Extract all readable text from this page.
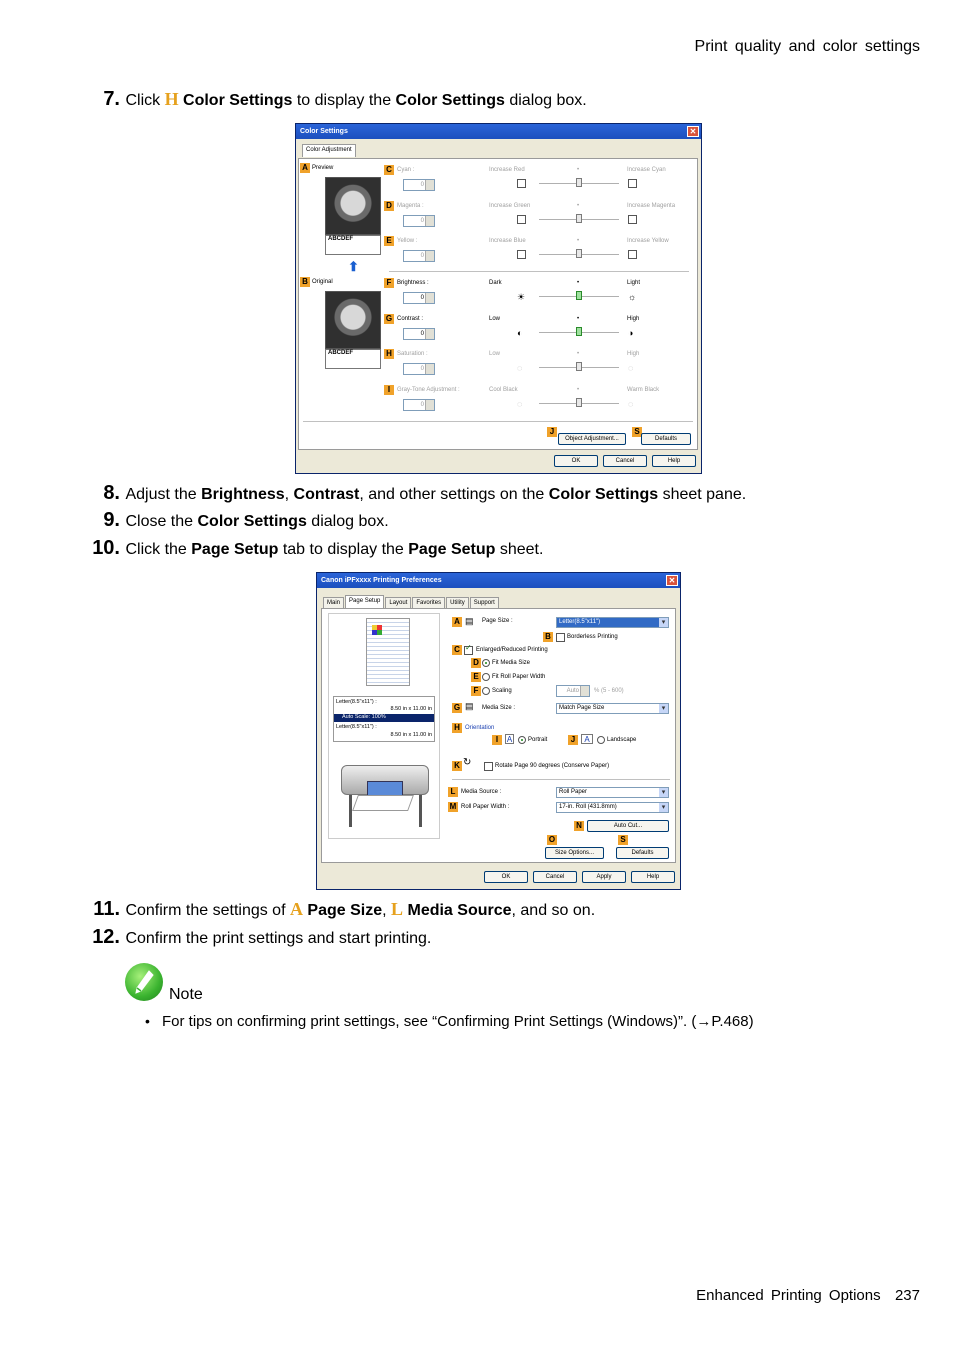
Print quality and color settings
7. Click H Color Settings to display the Color Settings dialog box.
Color Settings	✕
Color Adjustment
A Preview
ABCDEF
⬆
B Original
ABCDEF
C Cyan :
0
Increase Red	•	Increase Cyan
D Magenta :
0
Increase Green	•	Increase Magenta
E Yellow :
0
Increase Blue	•	Increase Yellow
F Brightness :
0
Dark	•	Light
☀	☼
G Contrast :
0
Low	•	High
◐	◑
H Saturation :
0
Low	•	High
◌	◌
I	Gray-Tone Adjustment :
0
Cool Black	•	Warm Black
◌	◌
J
Object Adjustment...
S
Defaults
OK	Cancel	Help
8. Adjust the Brightness, Contrast, and other settings on the Color Settings sheet pane.
9. Close the Color Settings dialog box.
10. Click the Page Setup tab to display the Page Setup sheet.
Canon iPFxxxx Printing Preferences	✕
Main	Page Setup	Layout	Favorites	Utility	Support
Letter(8.5"x11") :
8.50 in x 11.00 in
Auto Scale: 100%
Letter(8.5"x11") :
8.50 in x 11.00 in
A ▤ Page Size :	Letter(8.5"x11") ▾
B	Borderless Printing
C ✓ Enlarged/Reduced Printing
D	Fit Media Size
E	Fit Roll Paper Width
F	Scaling	Auto	% (5 - 600)
G ▤ Media Size :	Match Page Size ▾
H Orientation
I	A	Portrait	J	A	Landscape
K ↻	Rotate Page 90 degrees (Conserve Paper)
L Media Source :	Roll Paper ▾
M Roll Paper Width :	17-in. Roll (431.8mm) ▾
N	Auto Cut...
O	S
Size Options...	Defaults
OK	Cancel	Apply	Help
11. Confirm the settings of A Page Size, L Media Source, and so on.
12. Confirm the print settings and start printing.
Note
• For tips on confirming print settings, see “Confirming Print Settings (Windows)”. (→P.468)
Enhanced Printing Options 237
